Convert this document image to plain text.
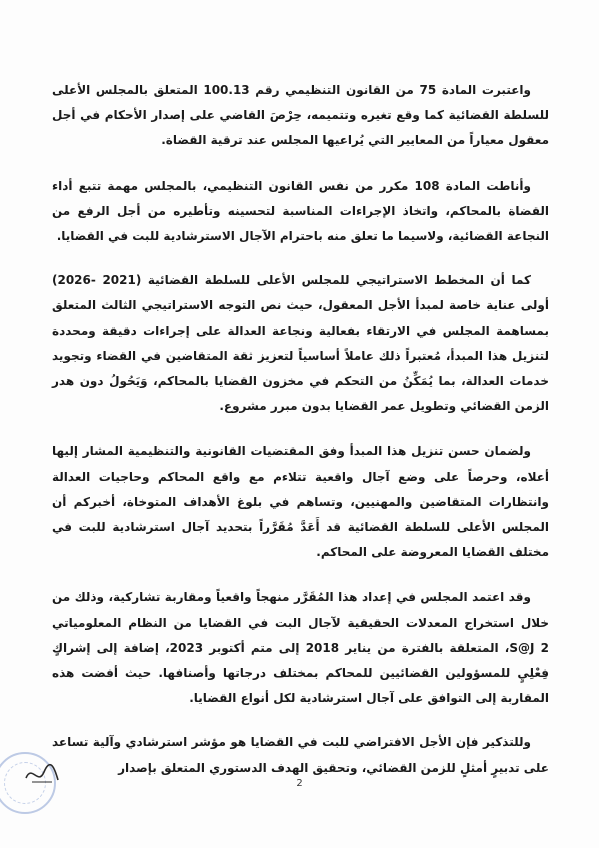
واعتبرت المادة 75 من القانون التنظيمي رقم 100.13 المتعلق بالمجلس الأعلى للسلطة القضائية كما وقع تغيره وتتميمه، حِرْصَ القاضي على إصدار الأحكام في أجل معقول معياراً من المعايير التي يُراعيها المجلس عند ترقية القضاة.

وأناطت المادة 108 مكرر من نفس القانون التنظيمي، بالمجلس مهمة تتبع أداء القضاة بالمحاكم، واتخاذ الإجراءات المناسبة لتحسينه وتأطيره من أجل الرفع من النجاعة القضائية، ولاسيما ما تعلق منه باحترام الآجال الاسترشادية للبت في القضايا.

كما أن المخطط الاستراتيجي للمجلس الأعلى للسلطة القضائية (2021 -2026) أولى عناية خاصة لمبدأ الأجل المعقول، حيث نص التوجه الاستراتيجي الثالث المتعلق بمساهمة المجلس في الارتقاء بفعالية ونجاعة العدالة على إجراءات دقيقة ومحددة لتنزيل هذا المبدأ، مُعتبراً ذلك عاملاً أساسياً لتعزيز ثقة المتقاضين في القضاء وتجويد خدمات العدالة، بما يُمَكِّنُ من التحكم في مخزون القضايا بالمحاكم، وَيَحُولُ دون هدر الزمن القضائي وتطويل عمر القضايا بدون مبرر مشروع.

ولضمان حسن تنزيل هذا المبدأ وفق المقتضيات القانونية والتنظيمية المشار إليها أعلاه، وحرصاً على وضع آجال واقعية تتلاءم مع واقع المحاكم وحاجيات العدالة وانتظارات المتقاضين والمهنيين، وتساهم في بلوغ الأهداف المتوخاة، أخبركم أن المجلس الأعلى للسلطة القضائية قد أَعَدَّ مُقَرَّراً بتحديد آجال استرشادية للبت في مختلف القضايا المعروضة على المحاكم.

وقد اعتمد المجلس في إعداد هذا المُقَرَّر منهجاً واقعياً ومقاربة تشاركية، وذلك من خلال استخراج المعدلات الحقيقية لآجال البت في القضايا من النظام المعلومياتي S@J 2، المتعلقة بالفترة من يناير 2018 إلى متم أكتوبر 2023، إضافة إلى إشراكٍ فِعْلِيٍ للمسؤولين القضائيين للمحاكم بمختلف درجاتها وأصنافها. حيث أفضت هذه المقاربة إلى التوافق على آجال استرشادية لكل أنواع القضايا.

وللتذكير فإن الأجل الافتراضي للبت في القضايا هو مؤشر استرشادي وآلية تساعد على تدبيرٍ أمثلٍ للزمن القضائي، وتحقيق الهدف الدستوري المتعلق بإصدار

2
